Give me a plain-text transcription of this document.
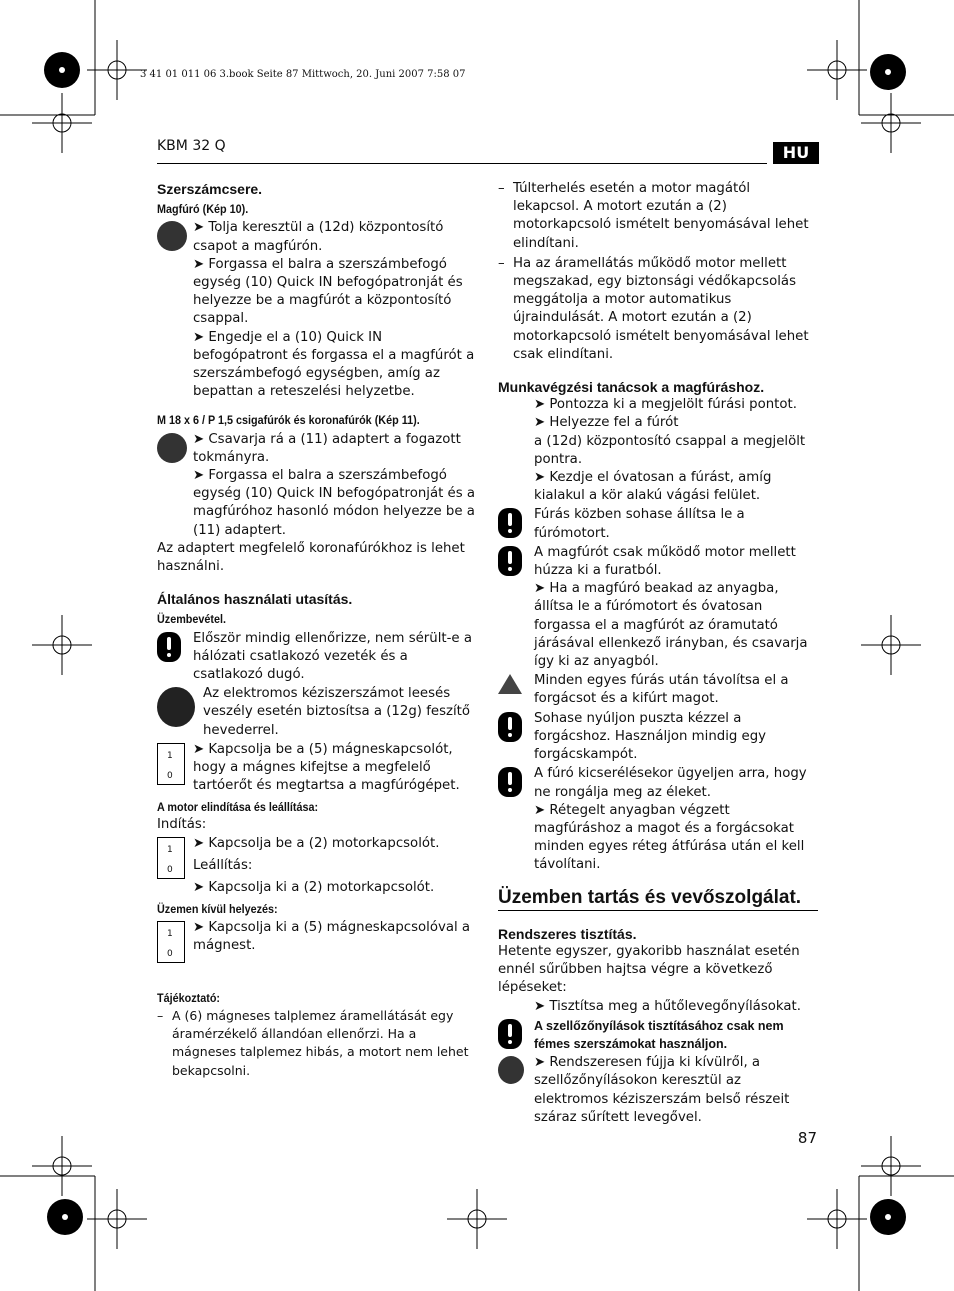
3 41 01 011 06 3.book Seite 87 Mittwoch, 20. Juni 2007 7:58 07
KBM 32 Q	HU
Szerszámcsere.
Magfúró (Kép 10).
➤ Tolja keresztül a (12d) központosító csapot a magfúrón.
➤ Forgassa el balra a szerszámbefogó egység (10) Quick IN befogópatronját és helyezze be a magfúrót a központosító csappal.
➤ Engedje el a (10) Quick IN befogópatront és forgassa el a magfúrót a szerszámbefogó egységben, amíg az bepattan a reteszelési helyzetbe.
M 18 x 6 / P 1,5 csigafúrók és koronafúrók (Kép 11).
➤ Csavarja rá a (11) adaptert a fogazott tokmányra.
➤ Forgassa el balra a szerszámbefogó egység (10) Quick IN befogópatronját és a magfúróhoz hasonló módon helyezze be a (11) adaptert.
Az adaptert megfelelő koronafúrókhoz is lehet használni.
Általános használati utasítás.
Üzembevétel.
Először mindig ellenőrizze, nem sérült-e a hálózati csatlakozó vezeték és a csatlakozó dugó.
Az elektromos kéziszerszámot leesés veszély esetén biztosítsa a (12g) feszítő hevederrel.
1
0
➤ Kapcsolja be a (5) mágneskapcsolót, hogy a mágnes kifejtse a megfelelő tartóerőt és megtartsa a magfúrógépet.
A motor elindítása és leállítása:
Indítás:
1
0
➤ Kapcsolja be a (2) motorkapcsolót.
Leállítás:
➤ Kapcsolja ki a (2) motorkapcsolót.
Üzemen kívül helyezés:
1
0
➤ Kapcsolja ki a (5) mágneskapcsolóval a mágnest.
Tájékoztató:
– A (6) mágneses talplemez áramellátását egy áramérzékelő állandóan ellenőrzi. Ha a mágneses talplemez hibás, a motort nem lehet bekapcsolni.
– Túlterhelés esetén a motor magától lekapcsol. A motort ezután a (2) motorkapcsoló ismételt benyomásával lehet elindítani.
– Ha az áramellátás működő motor mellett megszakad, egy biztonsági védőkapcsolás meggátolja a motor automatikus újraindulását. A motort ezután a (2) motorkapcsoló ismételt benyomásával lehet csak elindítani.
Munkavégzési tanácsok a magfúráshoz.
➤ Pontozza ki a megjelölt fúrási pontot.
➤ Helyezze fel a fúrót
a (12d) központosító csappal a megjelölt pontra.
➤ Kezdje el óvatosan a fúrást, amíg kialakul a kör alakú vágási felület.
Fúrás közben sohase állítsa le a fúrómotort.
A magfúrót csak működő motor mellett húzza ki a furatból.
➤ Ha a magfúró beakad az anyagba, állítsa le a fúrómotort és óvatosan forgassa el a magfúrót az óramutató járásával ellenkező irányban, és csavarja így ki az anyagból.
Minden egyes fúrás után távolítsa el a forgácsot és a kifúrt magot.
Sohase nyúljon puszta kézzel a forgácshoz. Használjon mindig egy forgácskampót.
A fúró kicserélésekor ügyeljen arra, hogy ne rongálja meg az éleket.
➤ Rétegelt anyagban végzett magfúráshoz a magot és a forgácsokat minden egyes réteg átfúrása után el kell távolítani.
Üzemben tartás és vevőszolgálat.
Rendszeres tisztítás.
Hetente egyszer, gyakoribb használat esetén ennél sűrűbben hajtsa végre a következő lépéseket:
➤ Tisztítsa meg a hűtőlevegőnyílásokat.
A szellőzőnyílások tisztításához csak nem fémes szerszámokat használjon.
➤ Rendszeresen fújja ki kívülről, a szellőzőnyílásokon keresztül az elektromos kéziszerszám belső részeit száraz sűrített levegővel.
87
